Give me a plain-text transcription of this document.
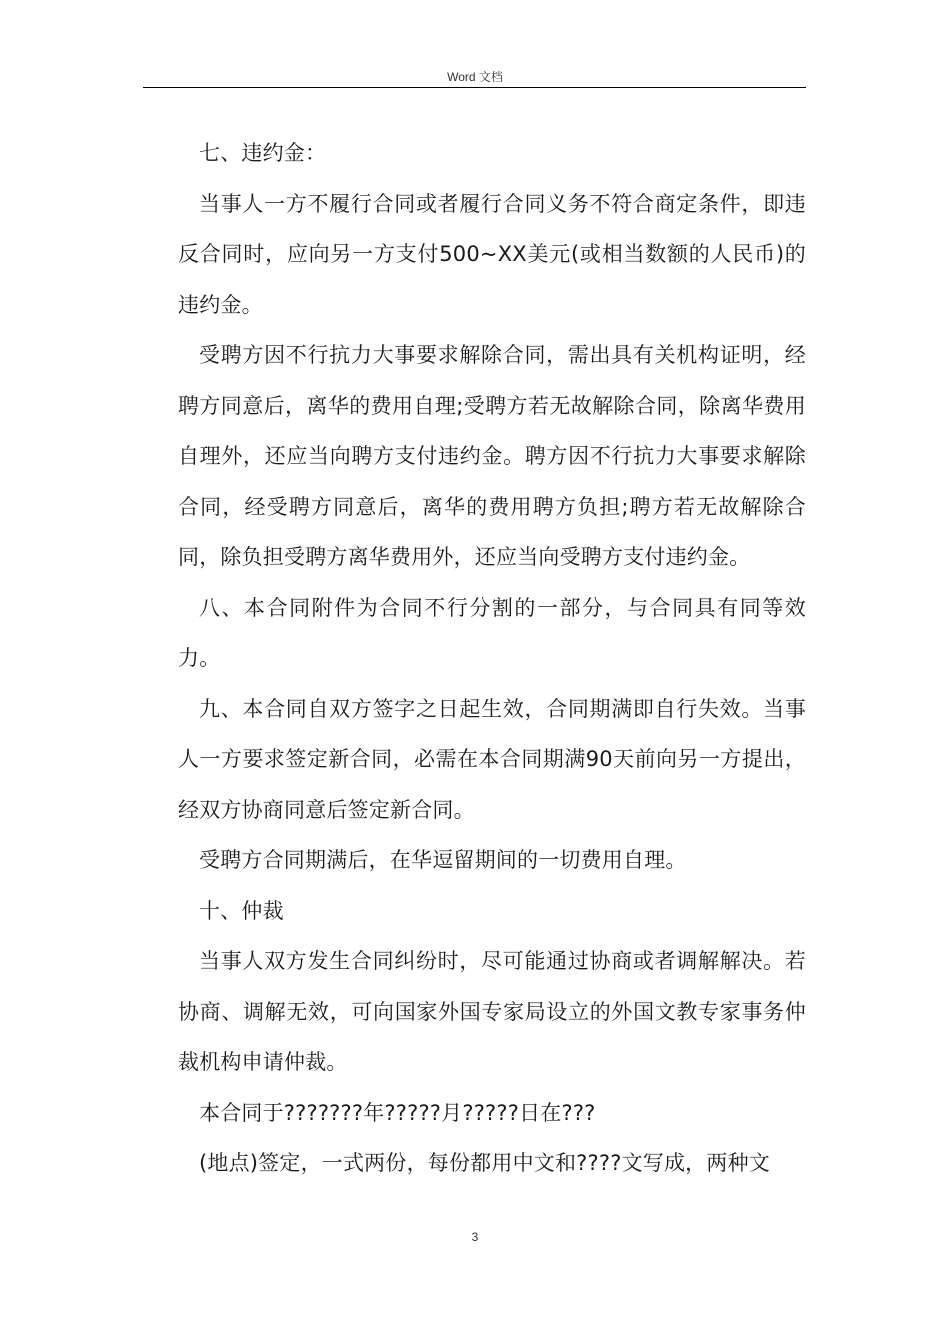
Word 文档

七、违约金：

当事人一方不履行合同或者履行合同义务不符合商定条件，即违反合同时，应向另一方支付500~XX美元(或相当数额的人民币)的违约金。

受聘方因不行抗力大事要求解除合同，需出具有关机构证明，经聘方同意后，离华的费用自理;受聘方若无故解除合同，除离华费用自理外，还应当向聘方支付违约金。聘方因不行抗力大事要求解除合同，经受聘方同意后，离华的费用聘方负担;聘方若无故解除合同，除负担受聘方离华费用外，还应当向受聘方支付违约金。

八、本合同附件为合同不行分割的一部分，与合同具有同等效力。

九、本合同自双方签字之日起生效，合同期满即自行失效。当事人一方要求签定新合同，必需在本合同期满90天前向另一方提出，经双方协商同意后签定新合同。

受聘方合同期满后，在华逗留期间的一切费用自理。

十、仲裁

当事人双方发生合同纠纷时，尽可能通过协商或者调解解决。若协商、调解无效，可向国家外国专家局设立的外国文教专家事务仲裁机构申请仲裁。

本合同于???????年?????月?????日在???

(地点)签定，一式两份，每份都用中文和????文写成，两种文

3
